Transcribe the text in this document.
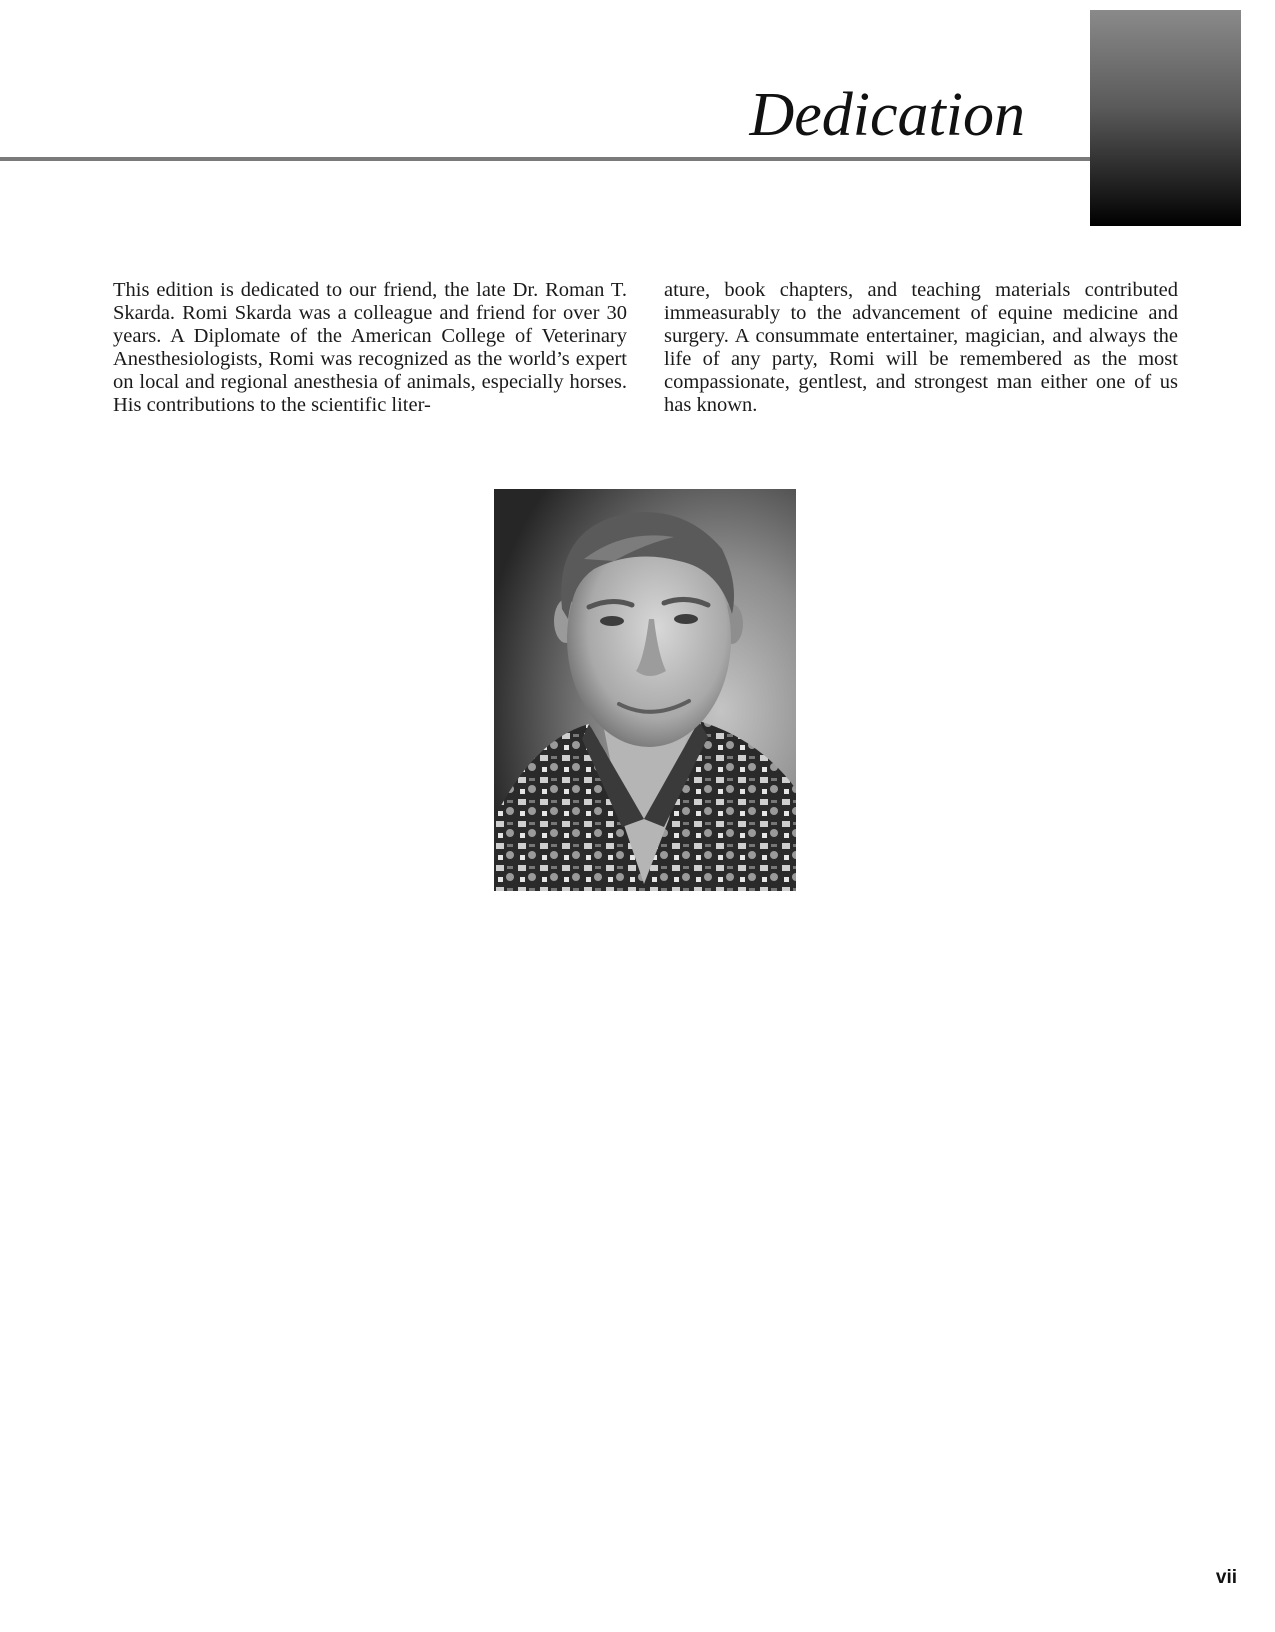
Dedication

This edition is dedicated to our friend, the late Dr. Roman T. Skarda. Romi Skarda was a colleague and friend for over 30 years. A Diplomate of the American College of Veterinary Anesthesiologists, Romi was recognized as the world’s expert on local and regional anesthesia of animals, especially horses. His contributions to the scientific liter-

ature, book chapters, and teaching materials contributed immeasurably to the advancement of equine medicine and surgery. A consummate entertainer, magician, and always the life of any party, Romi will be remembered as the most compassionate, gentlest, and strongest man either one of us has known.

vii
